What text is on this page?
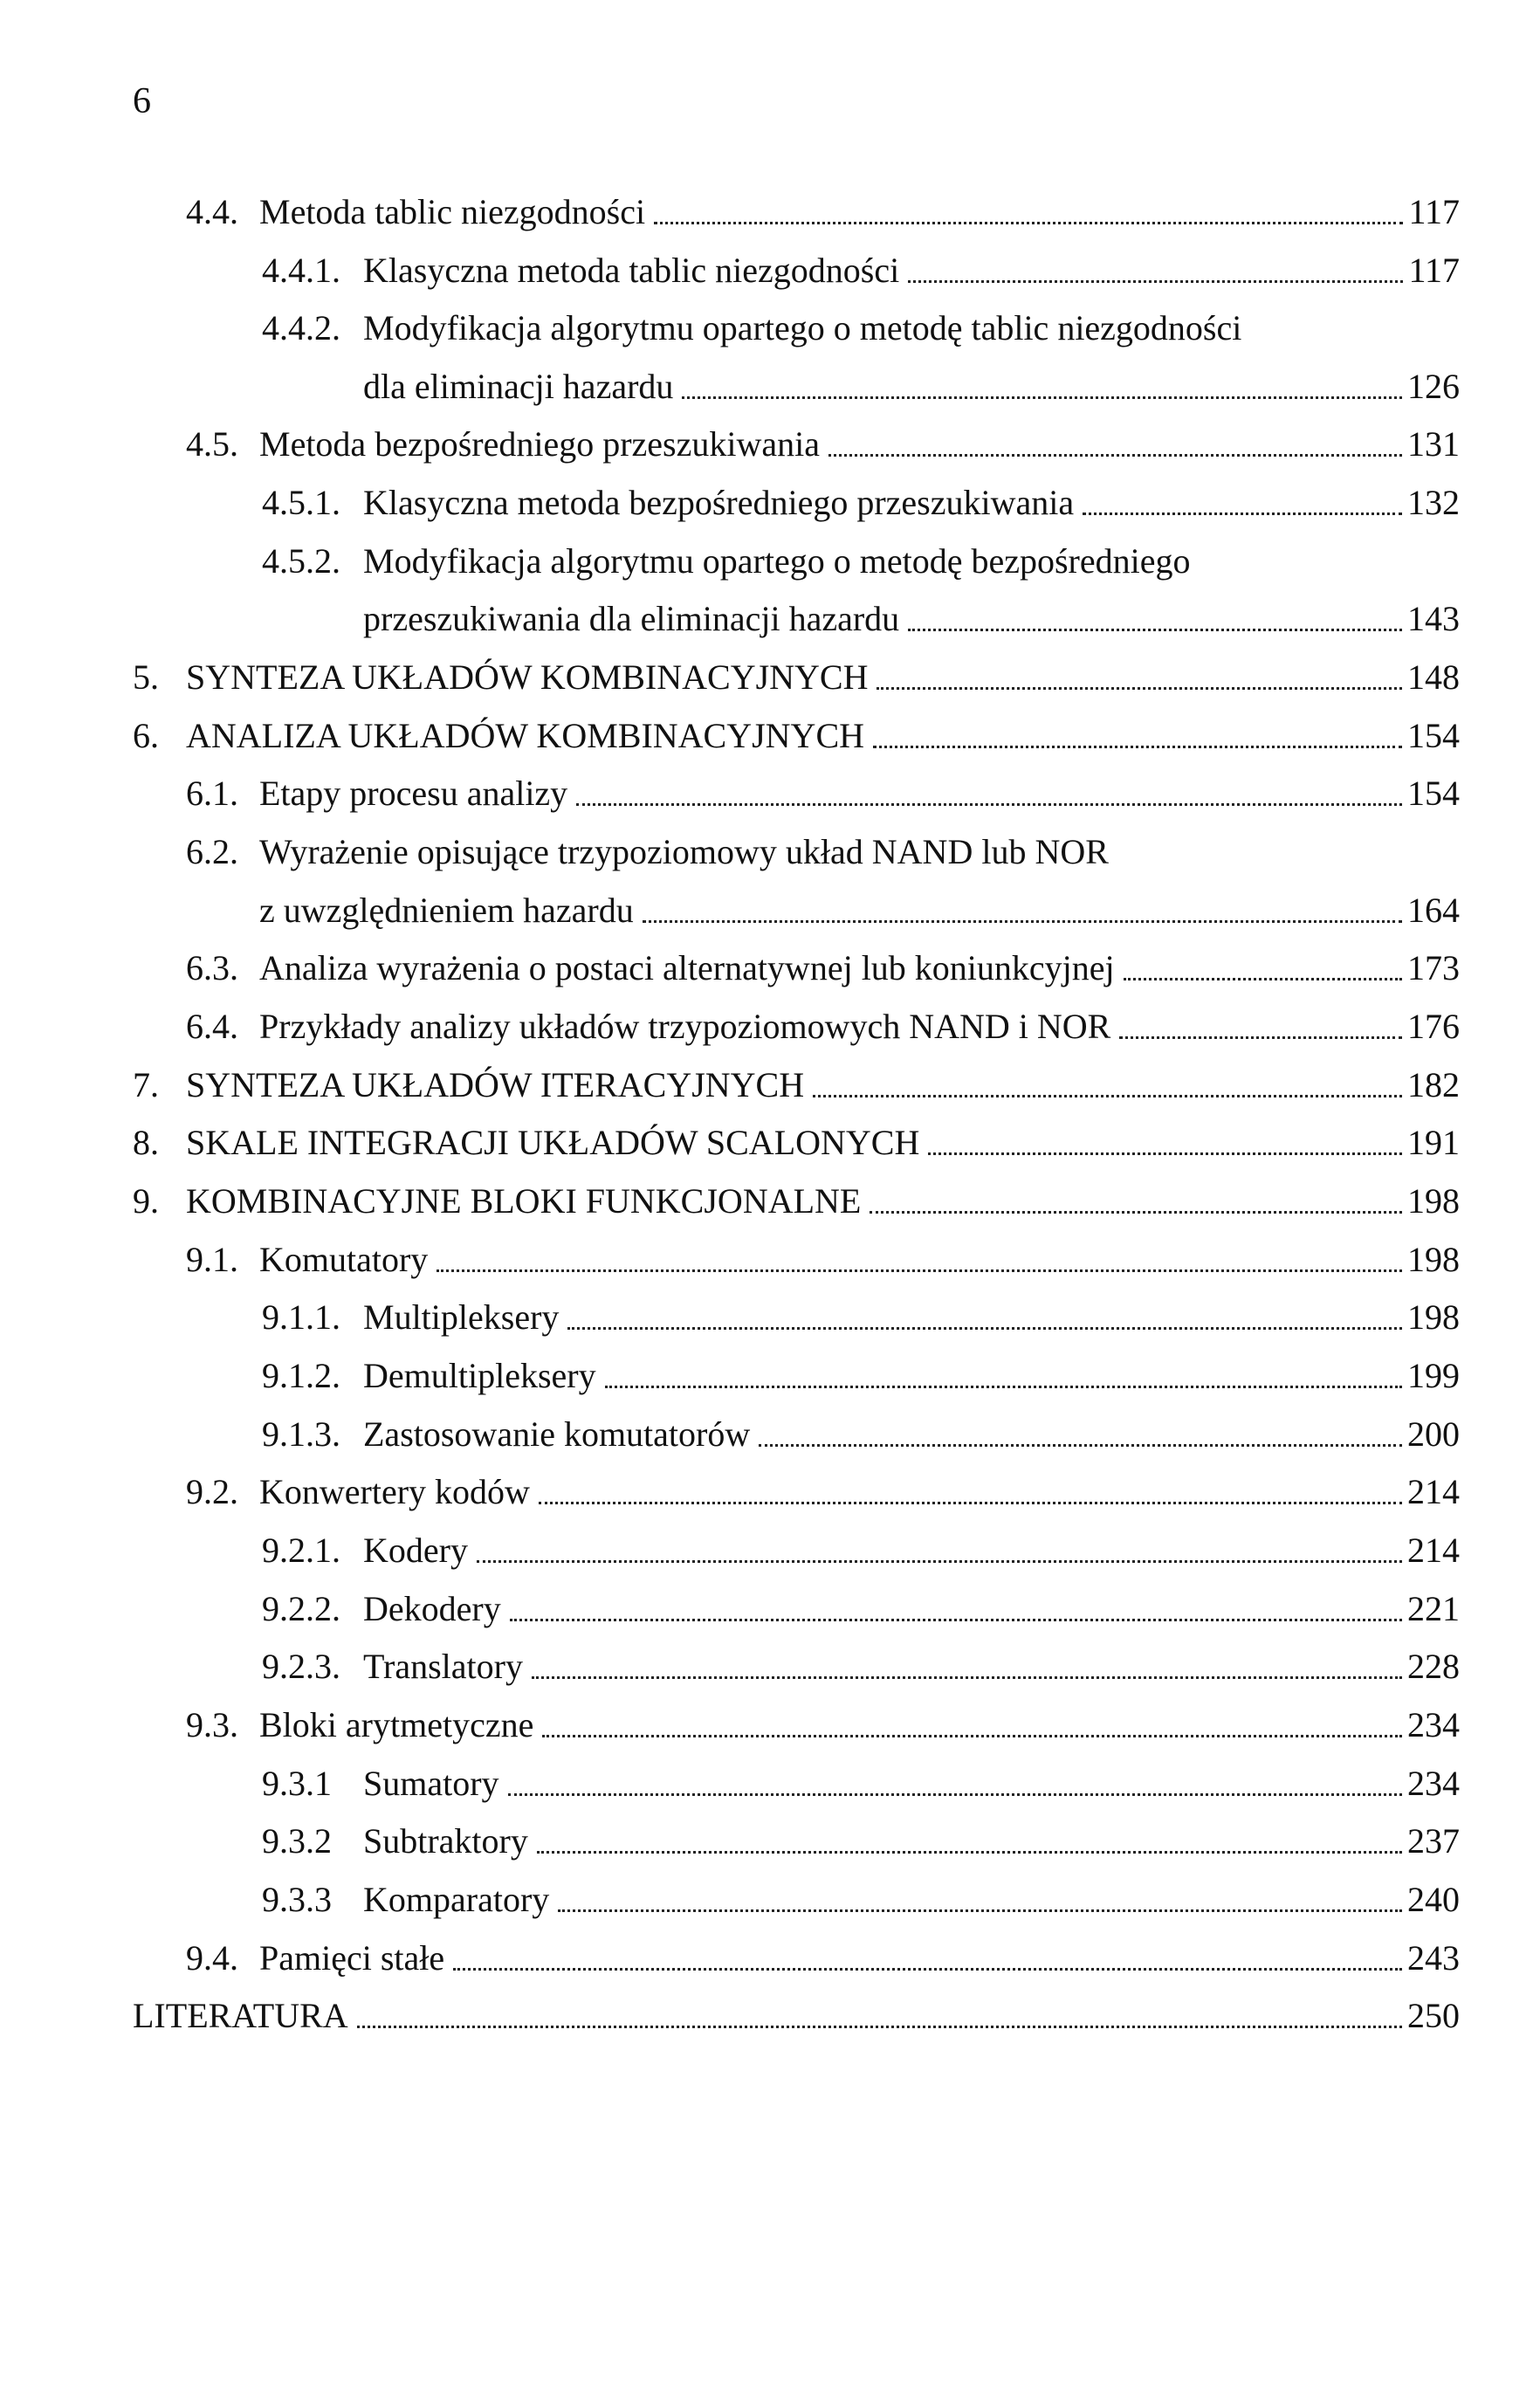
6
4.4. Metoda tablic niezgodności	117
4.4.1. Klasyczna metoda tablic niezgodności	117
4.4.2. Modyfikacja algorytmu opartego o metodę tablic niezgodności
dla eliminacji hazardu	126
4.5. Metoda bezpośredniego przeszukiwania	131
4.5.1. Klasyczna metoda bezpośredniego przeszukiwania	132
4.5.2. Modyfikacja algorytmu opartego o metodę bezpośredniego
przeszukiwania dla eliminacji hazardu	143
5. SYNTEZA UKŁADÓW KOMBINACYJNYCH	148
6. ANALIZA UKŁADÓW KOMBINACYJNYCH	154
6.1. Etapy procesu analizy	154
6.2. Wyrażenie opisujące trzypoziomowy układ NAND lub NOR
z uwzględnieniem hazardu	164
6.3. Analiza wyrażenia o postaci alternatywnej lub koniunkcyjnej	173
6.4. Przykłady analizy układów trzypoziomowych NAND i NOR	176
7. SYNTEZA UKŁADÓW ITERACYJNYCH	182
8. SKALE INTEGRACJI UKŁADÓW SCALONYCH	191
9. KOMBINACYJNE BLOKI FUNKCJONALNE	198
9.1. Komutatory	198
9.1.1. Multipleksery	198
9.1.2. Demultipleksery	199
9.1.3. Zastosowanie komutatorów	200
9.2. Konwertery kodów	214
9.2.1. Kodery	214
9.2.2. Dekodery	221
9.2.3. Translatory	228
9.3. Bloki arytmetyczne	234
9.3.1 Sumatory	234
9.3.2 Subtraktory	237
9.3.3 Komparatory	240
9.4. Pamięci stałe	243
LITERATURA	250
